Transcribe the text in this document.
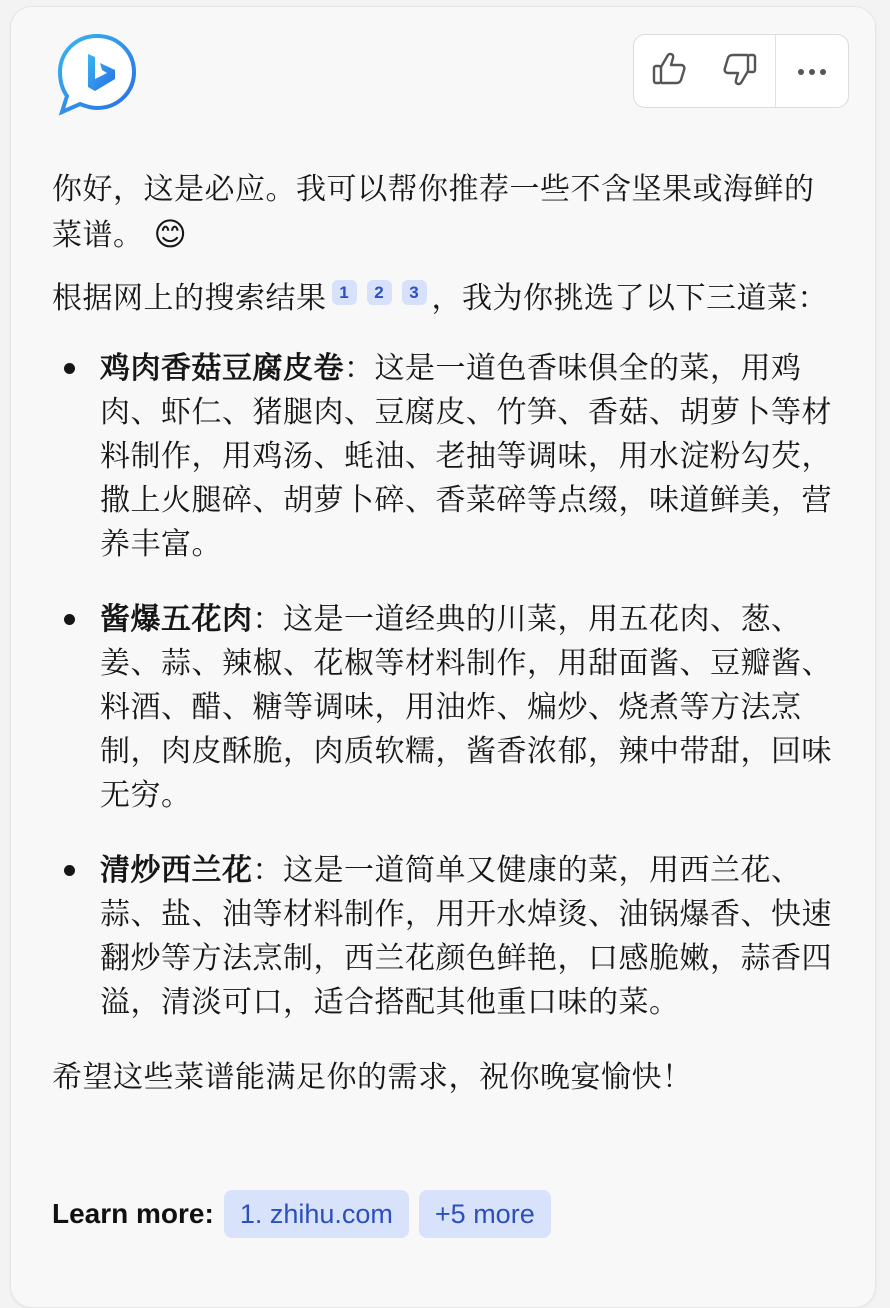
你好，这是必应。我可以帮你推荐一些不含坚果或海鲜的菜谱。 😊

根据网上的搜索结果 1 2 3 ，我为你挑选了以下三道菜：

鸡肉香菇豆腐皮卷：这是一道色香味俱全的菜，用鸡肉、虾仁、猪腿肉、豆腐皮、竹笋、香菇、胡萝卜等材料制作，用鸡汤、蚝油、老抽等调味，用水淀粉勾芡，撒上火腿碎、胡萝卜碎、香菜碎等点缀，味道鲜美，营养丰富。
酱爆五花肉：这是一道经典的川菜，用五花肉、葱、姜、蒜、辣椒、花椒等材料制作，用甜面酱、豆瓣酱、料酒、醋、糖等调味，用油炸、煸炒、烧煮等方法烹制，肉皮酥脆，肉质软糯，酱香浓郁，辣中带甜，回味无穷。
清炒西兰花：这是一道简单又健康的菜，用西兰花、蒜、盐、油等材料制作，用开水焯烫、油锅爆香、快速翻炒等方法烹制，西兰花颜色鲜艳，口感脆嫩，蒜香四溢，清淡可口，适合搭配其他重口味的菜。

希望这些菜谱能满足你的需求，祝你晚宴愉快！

Learn more: 1. zhihu.com	+5 more
